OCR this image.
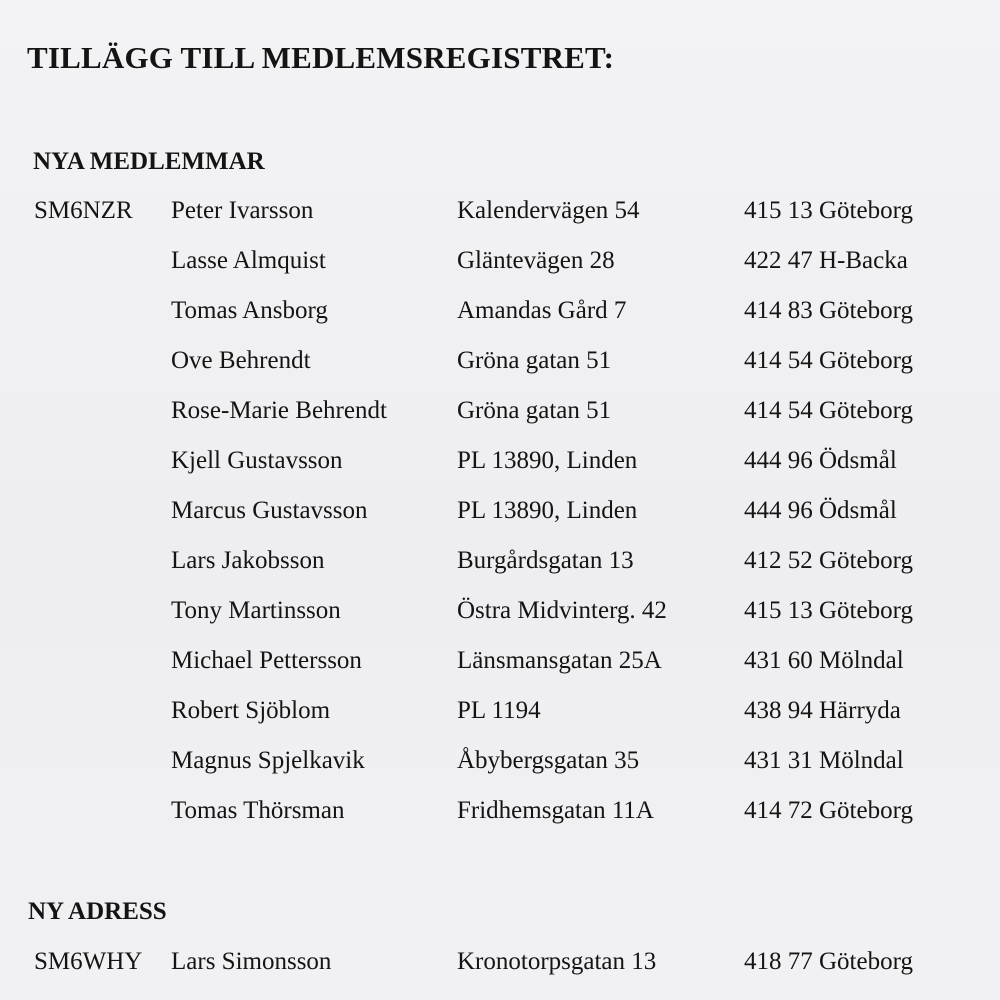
TILLÄGG TILL MEDLEMSREGISTRET:
NYA MEDLEMMAR
SM6NZR Peter Ivarsson	Kalendervägen 54	415 13 Göteborg
Lasse Almquist	Gläntevägen 28	422 47 H-Backa
Tomas Ansborg	Amandas Gård 7	414 83 Göteborg
Ove Behrendt	Gröna gatan 51	414 54 Göteborg
Rose-Marie Behrendt	Gröna gatan 51	414 54 Göteborg
Kjell Gustavsson	PL 13890, Linden	444 96 Ödsmål
Marcus Gustavsson	PL 13890, Linden	444 96 Ödsmål
Lars Jakobsson	Burgårdsgatan 13	412 52 Göteborg
Tony Martinsson	Östra Midvinterg. 42	415 13 Göteborg
Michael Pettersson	Länsmansgatan 25A	431 60 Mölndal
Robert Sjöblom	PL 1194	438 94 Härryda
Magnus Spjelkavik	Åbybergsgatan 35	431 31 Mölndal
Tomas Thörsman	Fridhemsgatan 11A	414 72 Göteborg
NY ADRESS
SM6WHY Lars Simonsson	Kronotorpsgatan 13	418 77 Göteborg
